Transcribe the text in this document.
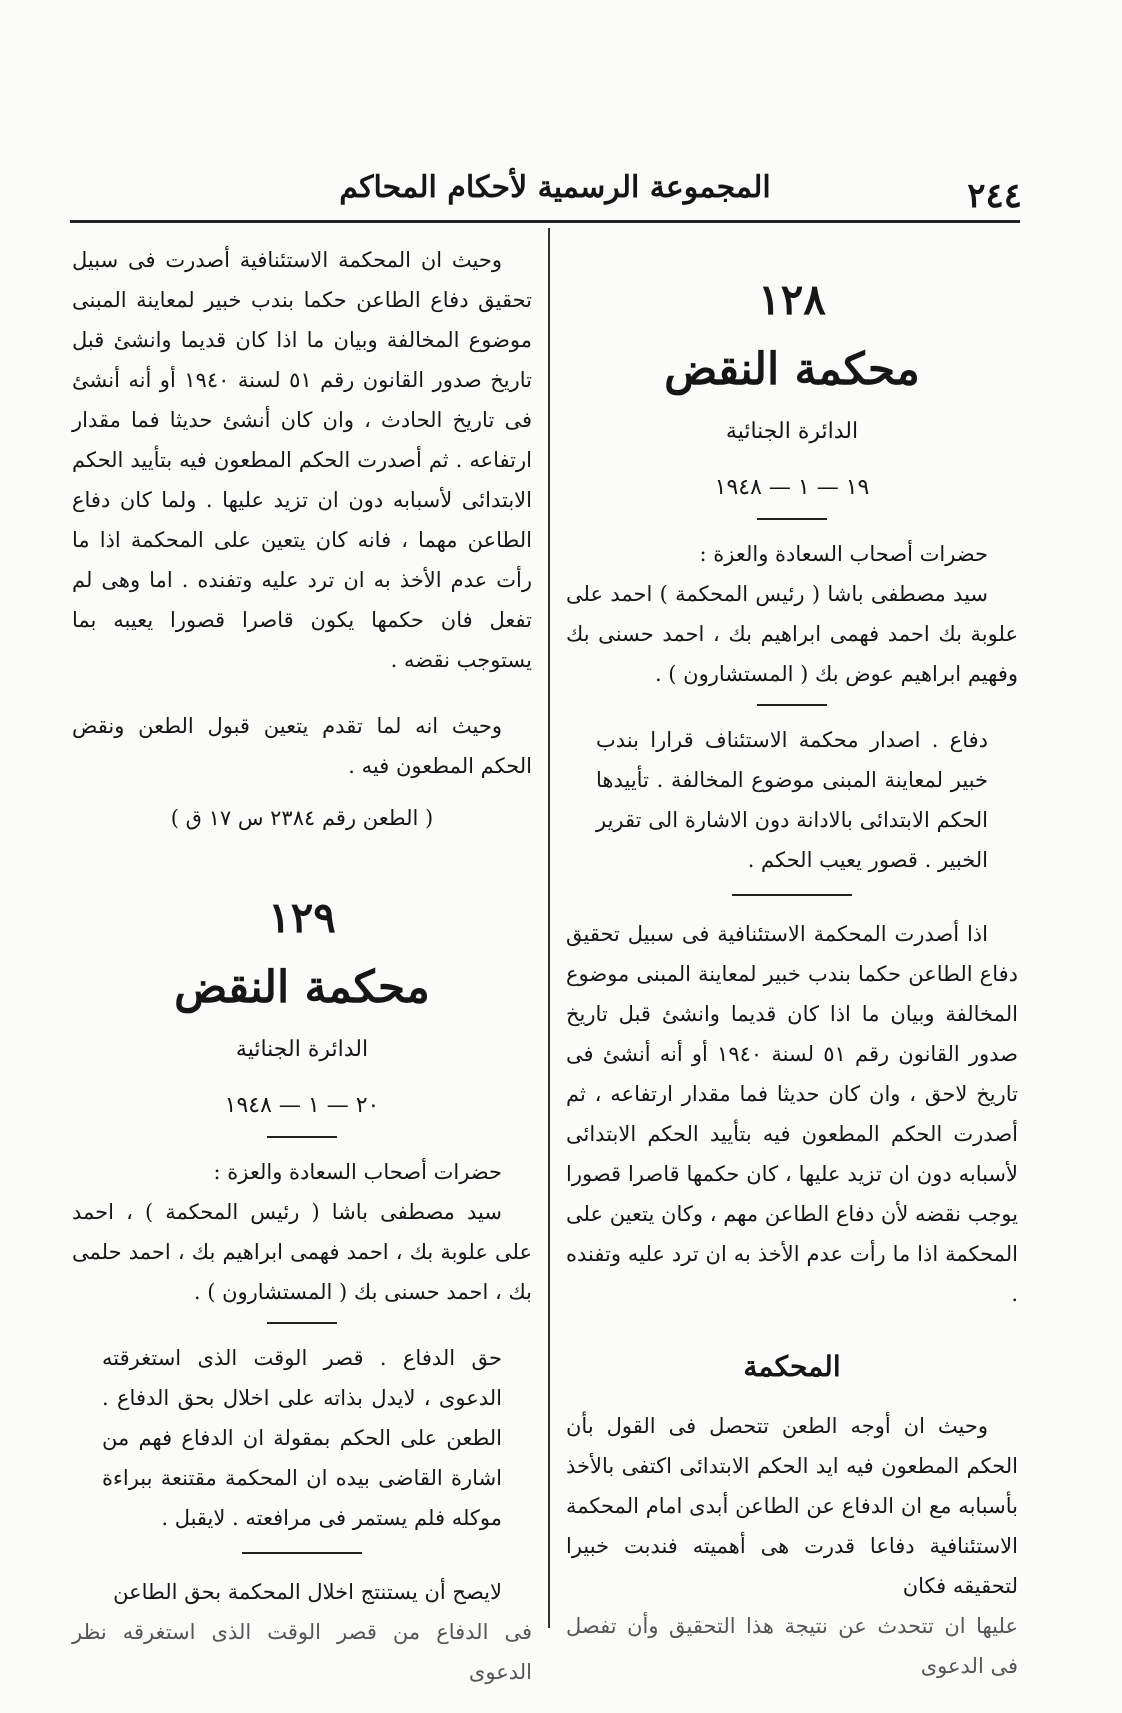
٢٤٤
المجموعة الرسمية لأحكام المحاكم
١٢٨
محكمة النقض
الدائرة الجنائية
١٩ — ١ — ١٩٤٨
حضرات أصحاب السعادة والعزة :
سيد مصطفى باشا ( رئيس المحكمة ) احمد على علوبة بك احمد فهمى ابراهيم بك ، احمد حسنى بك وفهيم ابراهيم عوض بك ( المستشارون ) .
دفاع . اصدار محكمة الاستئناف قرارا بندب خبير لمعاينة المبنى موضوع المخالفة . تأييدها الحكم الابتدائى بالادانة دون الاشارة الى تقرير الخبير . قصور يعيب الحكم .
اذا أصدرت المحكمة الاستئنافية فى سبيل تحقيق دفاع الطاعن حكما بندب خبير لمعاينة المبنى موضوع المخالفة وبيان ما اذا كان قديما وانشئ قبل تاريخ صدور القانون رقم ٥١ لسنة ١٩٤٠ أو أنه أنشئ فى تاريخ لاحق ، وان كان حديثا فما مقدار ارتفاعه ، ثم أصدرت الحكم المطعون فيه بتأييد الحكم الابتدائى لأسبابه دون ان تزيد عليها ، كان حكمها قاصرا قصورا يوجب نقضه لأن دفاع الطاعن مهم ، وكان يتعين على المحكمة اذا ما رأت عدم الأخذ به ان ترد عليه وتفنده .
المحكمة
وحيث ان أوجه الطعن تتحصل فى القول بأن الحكم المطعون فيه ايد الحكم الابتدائى اكتفى بالأخذ بأسبابه مع ان الدفاع عن الطاعن أبدى امام المحكمة الاستئنافية دفاعا قدرت هى أهميته فندبت خبيرا لتحقيقه فكان
عليها ان تتحدث عن نتيجة هذا التحقيق وأن تفصل فى الدعوى
وحيث ان المحكمة الاستئنافية أصدرت فى سبيل تحقيق دفاع الطاعن حكما بندب خبير لمعاينة المبنى موضوع المخالفة وبيان ما اذا كان قديما وانشئ قبل تاريخ صدور القانون رقم ٥١ لسنة ١٩٤٠ أو أنه أنشئ فى تاريخ الحادث ، وان كان أنشئ حديثا فما مقدار ارتفاعه . ثم أصدرت الحكم المطعون فيه بتأييد الحكم الابتدائى لأسبابه دون ان تزيد عليها . ولما كان دفاع الطاعن مهما ، فانه كان يتعين على المحكمة اذا ما رأت عدم الأخذ به ان ترد عليه وتفنده . اما وهى لم تفعل فان حكمها يكون قاصرا قصورا يعيبه بما يستوجب نقضه .
وحيث انه لما تقدم يتعين قبول الطعن ونقض الحكم المطعون فيه .
( الطعن رقم ٢٣٨٤ س ١٧ ق )
١٢٩
محكمة النقض
الدائرة الجنائية
٢٠ — ١ — ١٩٤٨
حضرات أصحاب السعادة والعزة :
سيد مصطفى باشا ( رئيس المحكمة ) ، احمد على علوبة بك ، احمد فهمى ابراهيم بك ، احمد حلمى بك ، احمد حسنى بك ( المستشارون ) .
حق الدفاع . قصر الوقت الذى استغرقته الدعوى ، لايدل بذاته على اخلال بحق الدفاع . الطعن على الحكم بمقولة ان الدفاع فهم من اشارة القاضى بيده ان المحكمة مقتنعة ببراءة موكله فلم يستمر فى مرافعته . لايقبل .
لايصح أن يستنتج اخلال المحكمة بحق الطاعن
فى الدفاع من قصر الوقت الذى استغرقه نظر الدعوى
